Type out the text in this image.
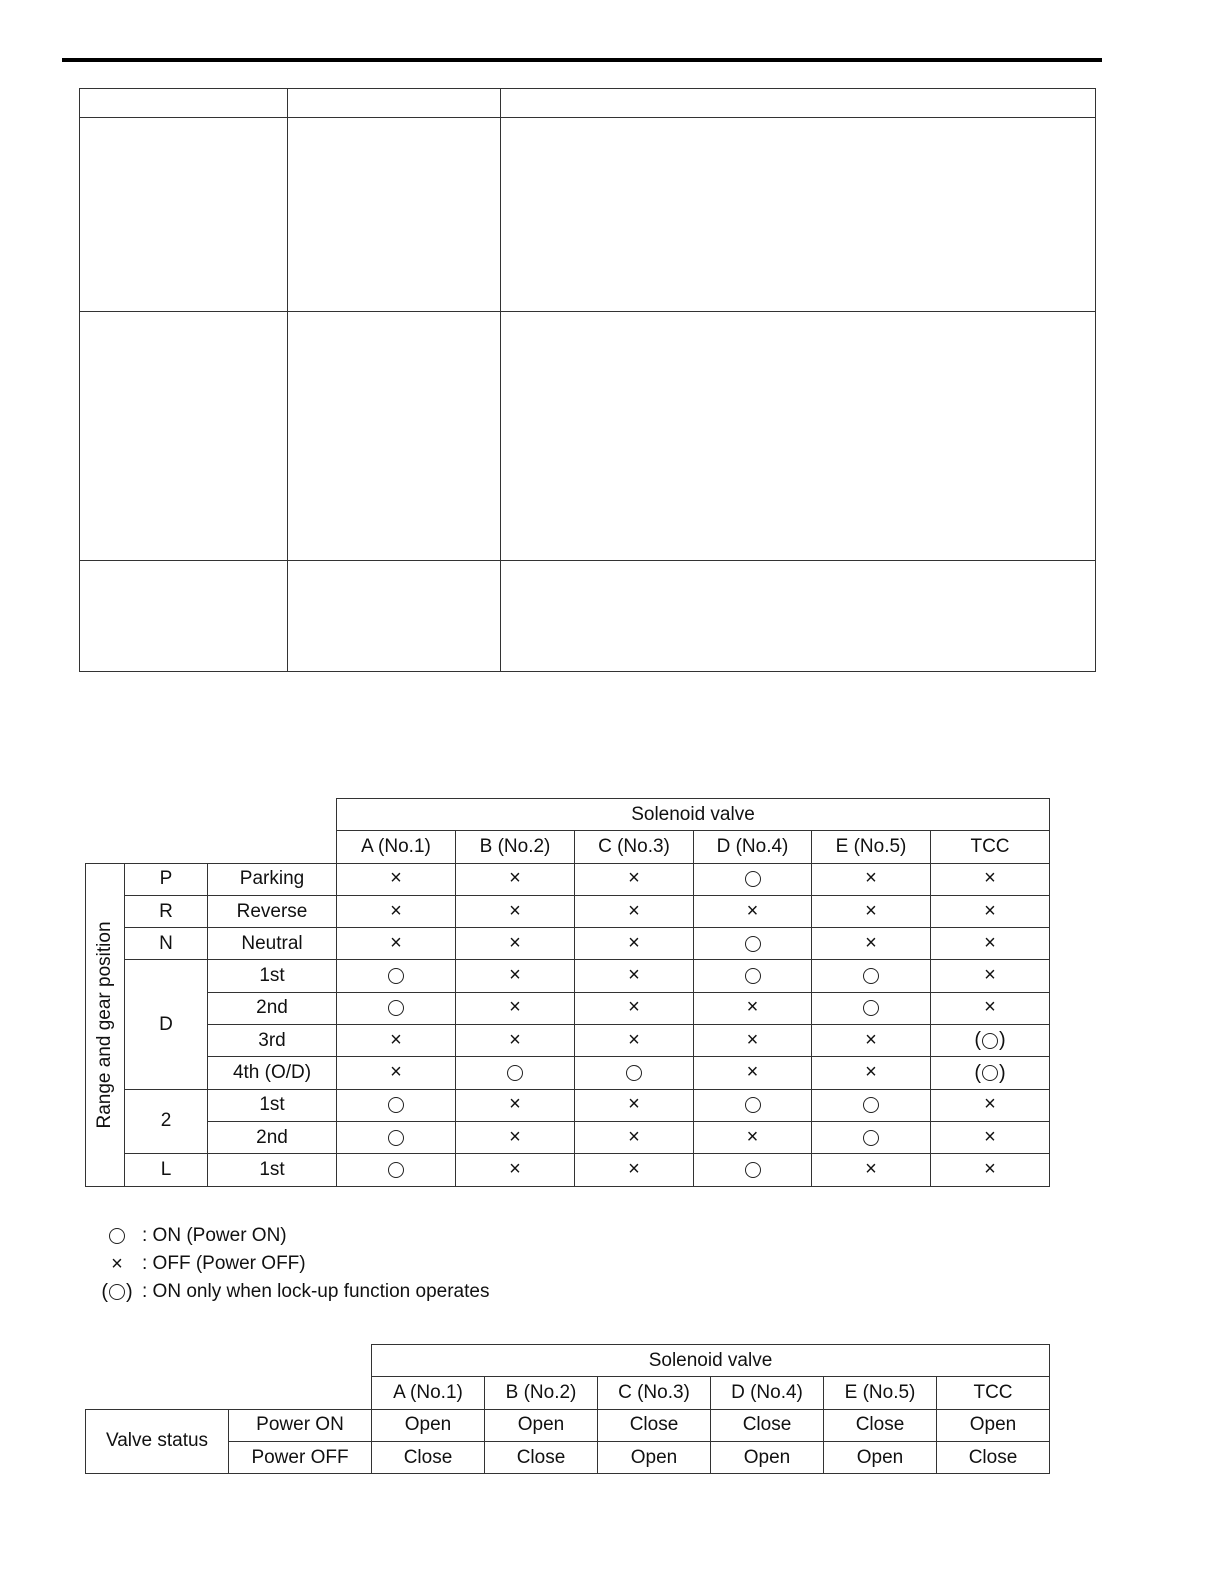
			Solenoid valve					
			A (No.1)	B (No.2)	C (No.3)	D (No.4)	E (No.5)	TCC

Range and gear position	P	Parking	×	×	×		×	×
	R	Reverse	×	×	×	×	×	×
	N	Neutral	×	×	×		×	×
	D	1st		×	×			×
		2nd		×	×	×		×
		3rd	×	×	×	×	×	( )
		4th (O/D)	×			×	×	( )
	2	1st		×	×			×
		2nd		×	×	×		×
	L	1st		×	×		×	×
: ON (Power ON)
× : OFF (Power OFF)
( ) : ON only when lock-up function operates
		Solenoid valve					
		A (No.1)	B (No.2)	C (No.3)	D (No.4)	E (No.5)	TCC
Valve status	Power ON	Open	Open	Close	Close	Close	Open
	Power OFF	Close	Close	Open	Open	Open	Close
